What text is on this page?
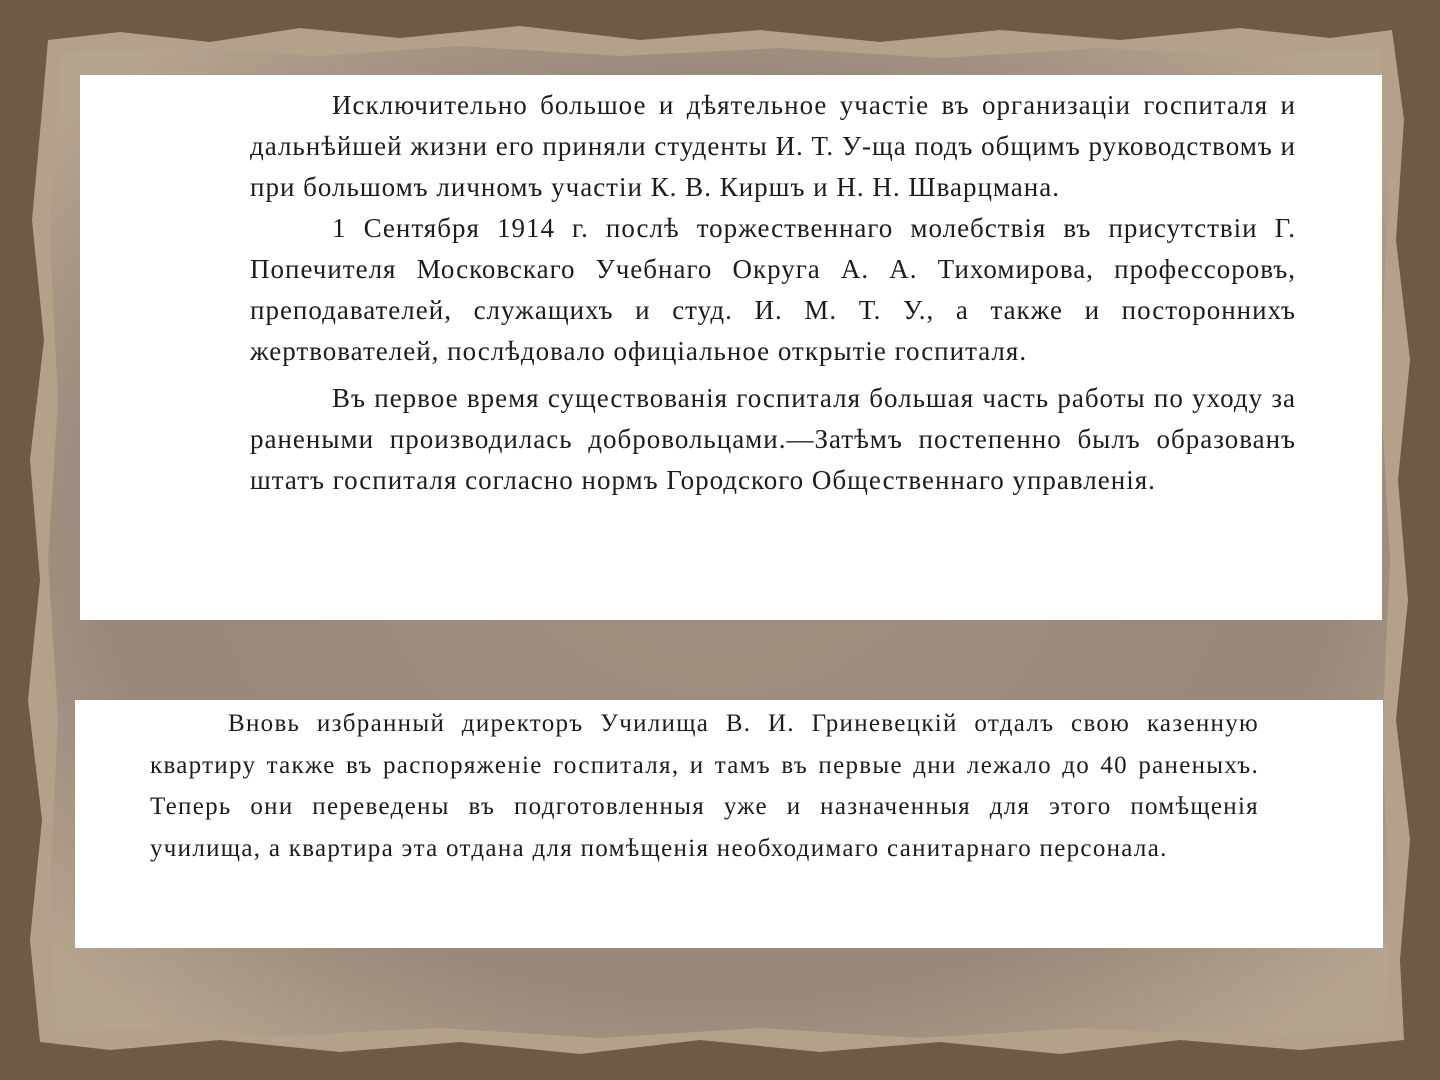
Исключительно большое и дѣятельное участіе въ организаціи госпиталя и дальнѣйшей жизни его приняли студенты И. Т. У-ща подъ общимъ руководствомъ и при большомъ личномъ участіи К. В. Киршъ и Н. Н. Шварцмана.

1 Сентября 1914 г. послѣ торжественнаго молебствія въ присутствіи Г. Попечителя Московскаго Учебнаго Округа А. А. Тихомирова, профессоровъ, преподавателей, служащихъ и студ. И. М. Т. У., а также и постороннихъ жертвователей, послѣдовало офиціальное открытіе госпиталя.

Въ первое время существованія госпиталя большая часть работы по уходу за ранеными производилась добровольцами.—Затѣмъ постепенно былъ образованъ штатъ госпиталя согласно нормъ Городского Общественнаго управленія.

Вновь избранный директоръ Училища В. И. Гриневецкій отдалъ свою казенную квартиру также въ распоряженіе госпиталя, и тамъ въ первые дни лежало до 40 раненыхъ. Теперь они переведены въ подготовленныя уже и назначенныя для этого помѣщенія училища, а квартира эта отдана для помѣщенія необходимаго санитарнаго персонала.
